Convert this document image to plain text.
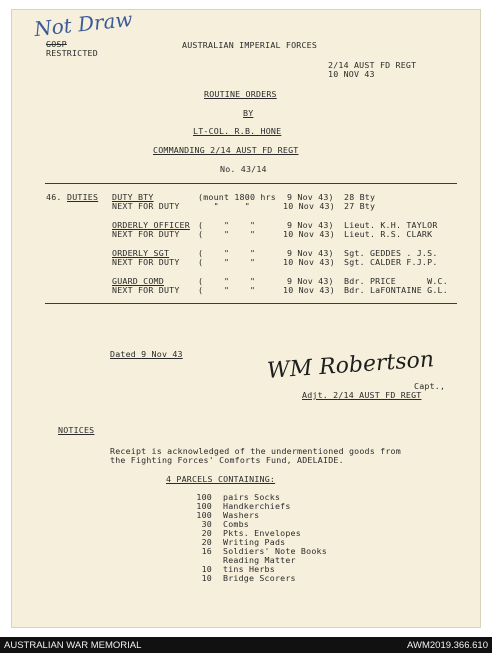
Not Draw
GOSP
RESTRICTED
AUSTRALIAN IMPERIAL FORCES
2/14 AUST FD REGT
10 NOV 43
ROUTINE ORDERS
BY
LT-COL. R.B. HONE
COMMANDING 2/14 AUST FD REGT
No. 43/14
46. DUTIES DUTY BTY	(mount 1800 hrs 9 Nov 43) 28 Bty
NEXT FOR DUTY "     "	10 Nov 43) 27 Bty
ORDERLY OFFICER (    "    "	9 Nov 43) Lieut. K.H. TAYLOR
NEXT FOR DUTY (    "    "	10 Nov 43) Lieut. R.S. CLARK
ORDERLY SGT	(    "    "	9 Nov 43) Sgt. GEDDES . J.S.
NEXT FOR DUTY (    "    "	10 Nov 43) Sgt. CALDER F.J.P.
GUARD COMD	(    "    "	9 Nov 43) Bdr. PRICE      W.C.
NEXT FOR DUTY (    "    "	10 Nov 43) Bdr. LaFONTAINE G.L.
Dated 9 Nov 43	WM Robertson
Capt.,
Adjt. 2/14 AUST FD REGT
NOTICES
Receipt is acknowledged of the undermentioned goods from
the Fighting Forces' Comforts Fund, ADELAIDE.
4 PARCELS CONTAINING:
100 pairs Socks
100 Handkerchiefs
100 Washers
30 Combs
20 Pkts. Envelopes
20 Writing Pads
16 Soldiers' Note Books
Reading Matter
10 tins Herbs
10 Bridge Scorers
AUSTRALIAN WAR MEMORIAL	AWM2019.366.610
